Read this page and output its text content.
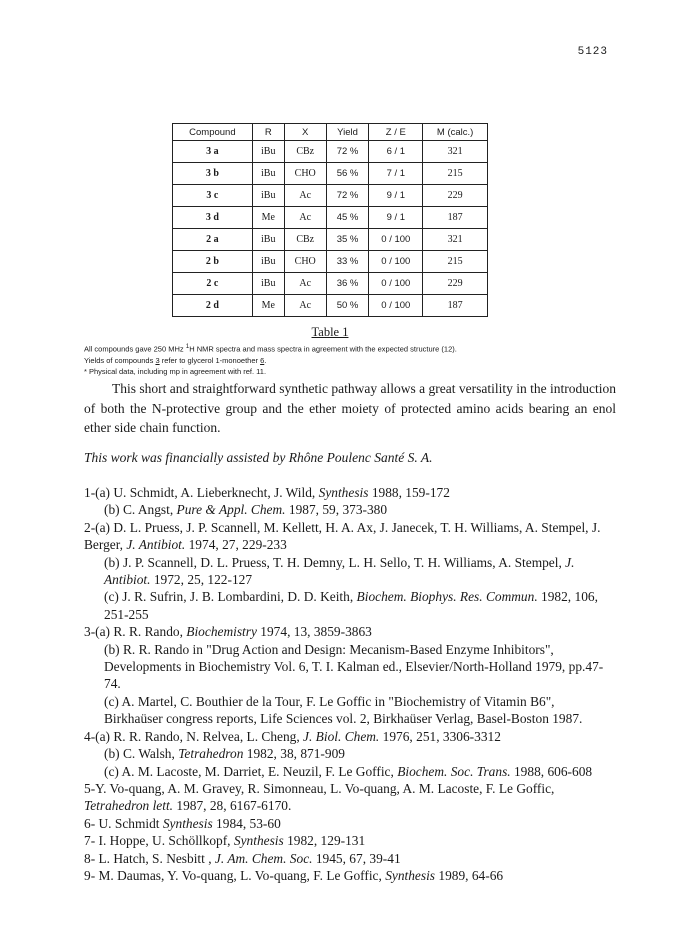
5123
Compound	R	X	Yield	Z / E	M (calc.)
3 a	iBu	CBz	72 %	6 / 1	321
3 b	iBu	CHO	56 %	7 / 1	215
3 c	iBu	Ac	72 %	9 / 1	229
3 d	Me	Ac	45 %	9 / 1	187
2 a	iBu	CBz	35 %	0 / 100	321
2 b	iBu	CHO	33 %	0 / 100	215
2 c	iBu	Ac	36 %	0 / 100	229
2 d	Me	Ac	50 %	0 / 100	187
Table 1

All compounds gave 250 MHz $^1$H NMR spectra and mass spectra in agreement with the expected structure (12).

Yields of compounds 3 refer to glycerol 1-monoether 6.

* Physical data, including mp in agreement with ref. 11.

This short and straightforward synthetic pathway allows a great versatility in the introduction of both the N-protective group and the ether moiety of protected amino acids bearing an enol ether side chain function.

This work was financially assisted by Rhône Poulenc Santé S. A.

1-(a) U. Schmidt, A. Lieberknecht, J. Wild, Synthesis 1988, 159-172

(b) C. Angst, Pure & Appl. Chem. 1987, 59, 373-380

2-(a) D. L. Pruess, J. P. Scannell, M. Kellett, H. A. Ax, J. Janecek, T. H. Williams, A. Stempel, J. Berger, J. Antibiot. 1974, 27, 229-233

(b) J. P. Scannell, D. L. Pruess, T. H. Demny, L. H. Sello, T. H. Williams, A. Stempel, J. Antibiot. 1972, 25, 122-127

(c) J. R. Sufrin, J. B. Lombardini, D. D. Keith, Biochem. Biophys. Res. Commun. 1982, 106, 251-255

3-(a) R. R. Rando, Biochemistry 1974, 13, 3859-3863

(b) R. R. Rando in "Drug Action and Design: Mecanism-Based Enzyme Inhibitors", Developments in Biochemistry Vol. 6, T. I. Kalman ed., Elsevier/North-Holland 1979, pp.47-74.

(c) A. Martel, C. Bouthier de la Tour, F. Le Goffic in "Biochemistry of Vitamin B6", Birkhaüser congress reports, Life Sciences vol. 2, Birkhaüser Verlag, Basel-Boston 1987.

4-(a) R. R. Rando, N. Relvea, L. Cheng, J. Biol. Chem. 1976, 251, 3306-3312

(b) C. Walsh, Tetrahedron 1982, 38, 871-909

(c) A. M. Lacoste, M. Darriet, E. Neuzil, F. Le Goffic, Biochem. Soc. Trans. 1988, 606-608

5-Y. Vo-quang, A. M. Gravey, R. Simonneau, L. Vo-quang, A. M. Lacoste, F. Le Goffic, Tetrahedron lett. 1987, 28, 6167-6170.

6- U. Schmidt Synthesis 1984, 53-60

7- I. Hoppe, U. Schöllkopf, Synthesis 1982, 129-131

8- L. Hatch, S. Nesbitt , J. Am. Chem. Soc. 1945, 67, 39-41

9- M. Daumas, Y. Vo-quang, L. Vo-quang, F. Le Goffic, Synthesis 1989, 64-66
